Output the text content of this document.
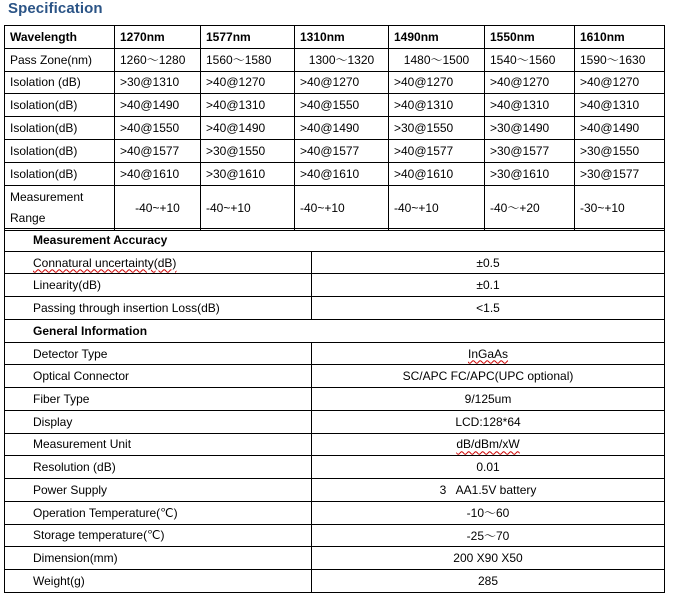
Specification
Wavelength	1270nm	1577nm	1310nm	1490nm	1550nm	1610nm
Pass Zone(nm)	1260～1280	1560～1580	1300～1320	1480～1500	1540～1560	1590～1630
Isolation (dB)	>30@1310	>40@1270	>40@1270	>40@1270	>40@1270	>40@1270
Isolation(dB)	>40@1490	>40@1310	>40@1550	>40@1310	>40@1310	>40@1310
Isolation(dB)	>40@1550	>40@1490	>40@1490	>30@1550	>30@1490	>40@1490
Isolation(dB)	>40@1577	>30@1550	>40@1577	>40@1577	>30@1577	>30@1550
Isolation(dB)	>40@1610	>30@1610	>40@1610	>40@1610	>30@1610	>30@1577
Measurement Range	-40~+10	-40~+10	-40~+10	-40~+10	-40～+20	-30~+10
Measurement Accuracy	
Connatural uncertainty(dB)	±0.5
Linearity(dB)	±0.1
Passing through insertion Loss(dB)	<1.5
General Information	
Detector Type	InGaAs
Optical Connector	SC/APC FC/APC(UPC optional)
Fiber Type	9/125um
Display	LCD:128*64
Measurement Unit	dB/dBm/xW
Resolution (dB)	0.01
Power Supply	3   AA1.5V battery
Operation Temperature(℃)	-10～60
Storage temperature(℃)	-25～70
Dimension(mm)	200 X90 X50
Weight(g)	285
